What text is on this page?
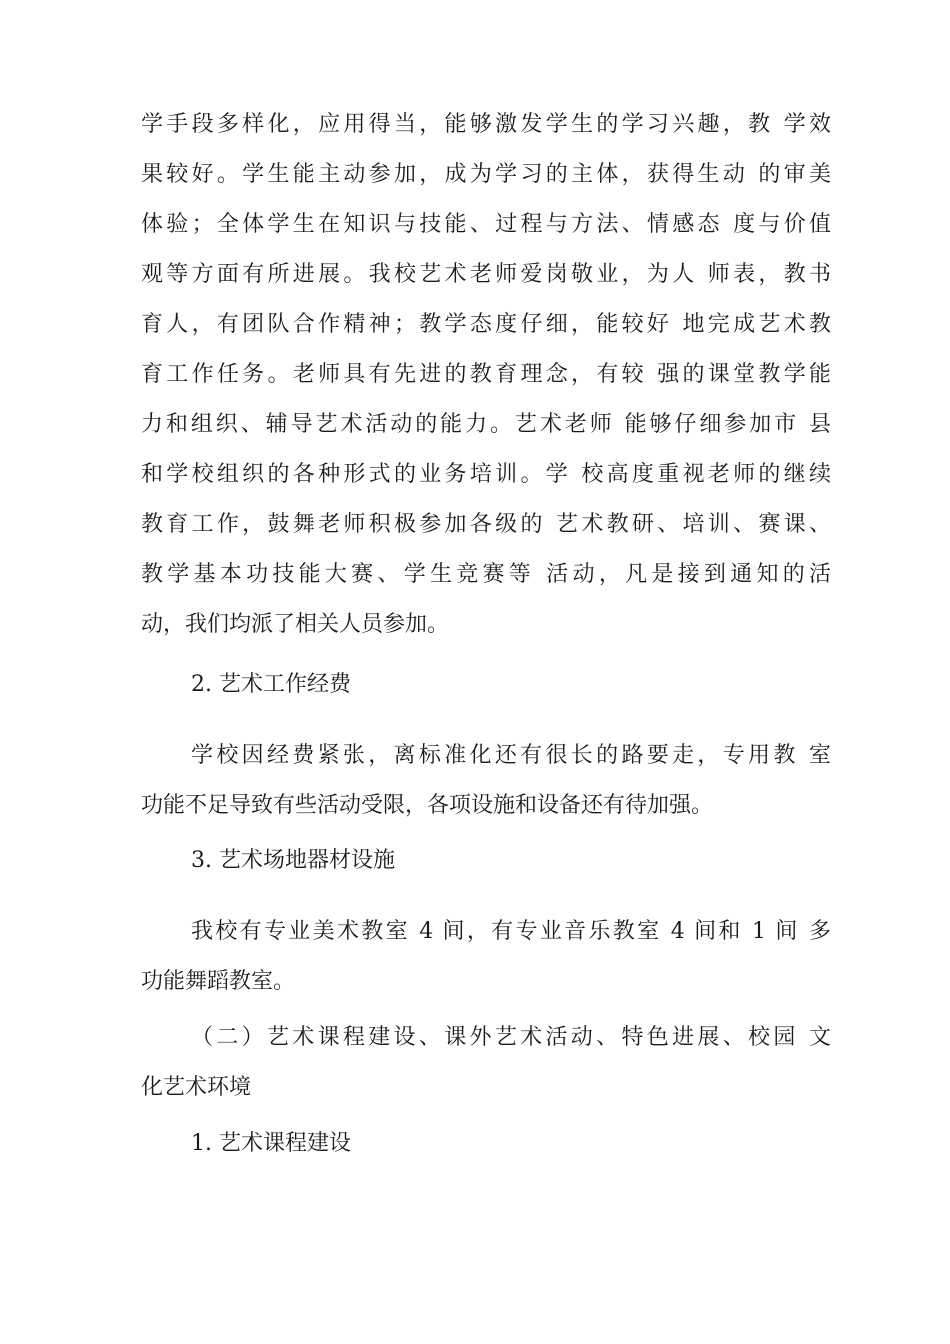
学手段多样化，应用得当，能够激发学生的学习兴趣，教 学效
果较好。学生能主动参加，成为学习的主体，获得生动 的审美
体验；全体学生在知识与技能、过程与方法、情感态 度与价值
观等方面有所进展。我校艺术老师爱岗敬业，为人 师表，教书
育人，有团队合作精神；教学态度仔细，能较好 地完成艺术教
育工作任务。老师具有先进的教育理念，有较 强的课堂教学能
力和组织、辅导艺术活动的能力。艺术老师 能够仔细参加市 县
和学校组织的各种形式的业务培训。学 校高度重视老师的继续
教育工作，鼓舞老师积极参加各级的 艺术教研、培训、赛课、
教学基本功技能大赛、学生竞赛等 活动，凡是接到通知的活
动，我们均派了相关人员参加。
2. 艺术工作经费
学校因经费紧张，离标准化还有很长的路要走，专用教 室
功能不足导致有些活动受限，各项设施和设备还有待加强。
3. 艺术场地器材设施
我校有专业美术教室 4 间，有专业音乐教室 4 间和 1 间 多
功能舞蹈教室。
（二）艺术课程建设、课外艺术活动、特色进展、校园 文
化艺术环境
1. 艺术课程建设
